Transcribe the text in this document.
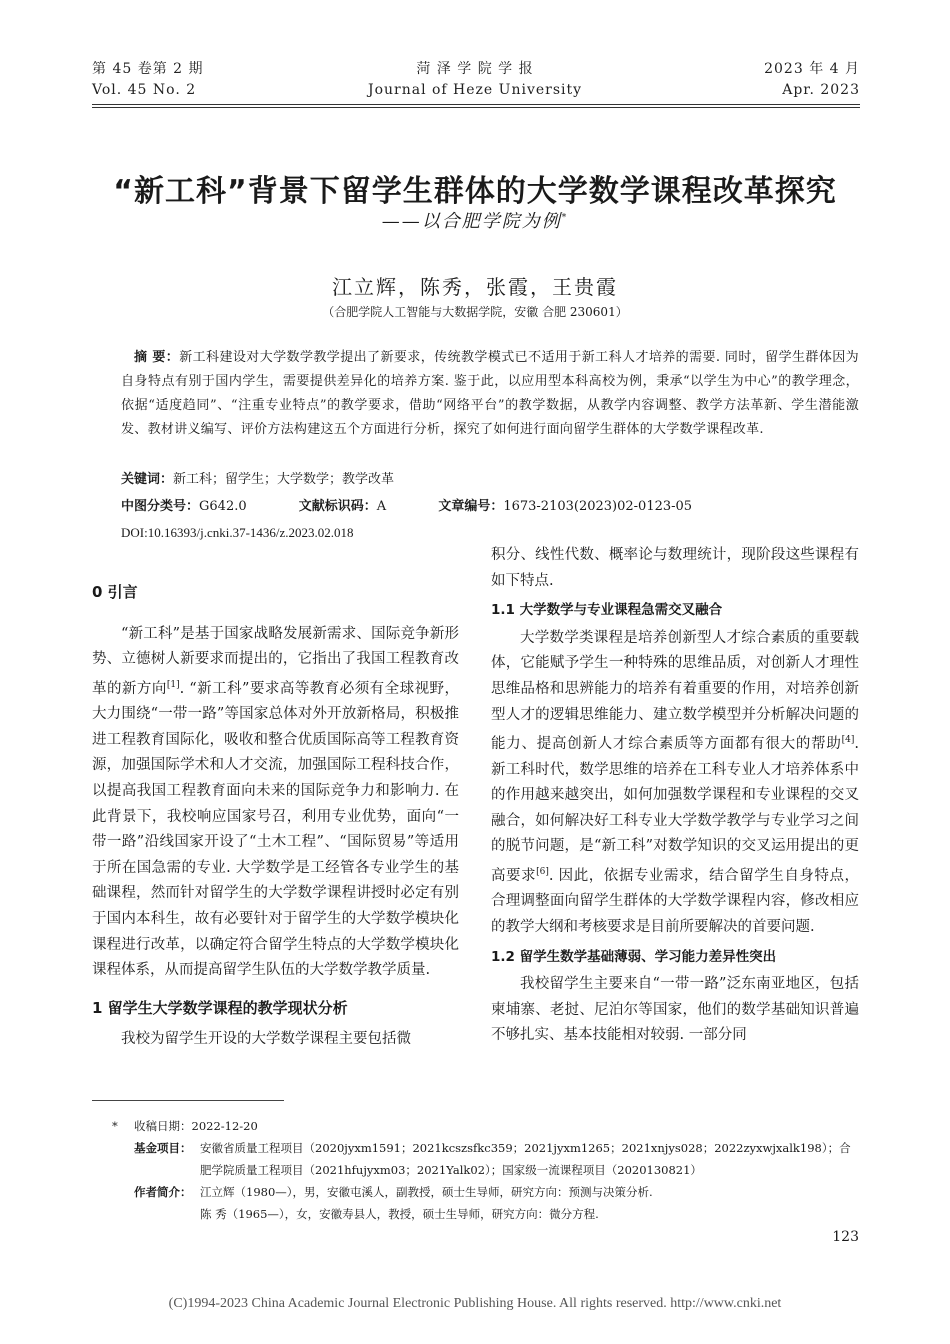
第 45 卷第 2 期
Vol. 45 No. 2
菏 泽 学 院 学 报
Journal of Heze University
2023 年 4 月
Apr. 2023
“新工科”背景下留学生群体的大学数学课程改革探究
——以合肥学院为例*
江立辉，陈秀，张霞，王贵霞
（合肥学院人工智能与大数据学院，安徽 合肥 230601）
摘 要：新工科建设对大学数学教学提出了新要求，传统教学模式已不适用于新工科人才培养的需要. 同时，留学生群体因为自身特点有别于国内学生，需要提供差异化的培养方案. 鉴于此，以应用型本科高校为例，秉承“以学生为中心”的教学理念，依据“适度趋同”、“注重专业特点”的教学要求，借助“网络平台”的教学数据，从教学内容调整、教学方法革新、学生潜能激发、教材讲义编写、评价方法构建这五个方面进行分析，探究了如何进行面向留学生群体的大学数学课程改革.
关键词：新工科；留学生；大学数学；教学改革
中图分类号：G642.0	文献标识码：A	文章编号：1673-2103(2023)02-0123-05
DOI:10.16393/j.cnki.37-1436/z.2023.02.018
0 引言

“新工科”是基于国家战略发展新需求、国际竞争新形势、立德树人新要求而提出的，它指出了我国工程教育改革的新方向[1]. “新工科”要求高等教育必须有全球视野，大力围绕“一带一路”等国家总体对外开放新格局，积极推进工程教育国际化，吸收和整合优质国际高等工程教育资源，加强国际学术和人才交流，加强国际工程科技合作，以提高我国工程教育面向未来的国际竞争力和影响力. 在此背景下，我校响应国家号召，利用专业优势，面向“一带一路”沿线国家开设了“土木工程”、“国际贸易”等适用于所在国急需的专业. 大学数学是工经管各专业学生的基础课程，然而针对留学生的大学数学课程讲授时必定有别于国内本科生，故有必要针对于留学生的大学数学模块化课程进行改革，以确定符合留学生特点的大学数学模块化课程体系，从而提高留学生队伍的大学数学教学质量.

1 留学生大学数学课程的教学现状分析

我校为留学生开设的大学数学课程主要包括微

积分、线性代数、概率论与数理统计，现阶段这些课程有如下特点.

1.1 大学数学与专业课程急需交叉融合

大学数学类课程是培养创新型人才综合素质的重要载体，它能赋予学生一种特殊的思维品质，对创新人才理性思维品格和思辨能力的培养有着重要的作用，对培养创新型人才的逻辑思维能力、建立数学模型并分析解决问题的能力、提高创新人才综合素质等方面都有很大的帮助[4]. 新工科时代，数学思维的培养在工科专业人才培养体系中的作用越来越突出，如何加强数学课程和专业课程的交叉融合，如何解决好工科专业大学数学教学与专业学习之间的脱节问题，是“新工科”对数学知识的交叉运用提出的更高要求[6]. 因此，依据专业需求，结合留学生自身特点，合理调整面向留学生群体的大学数学课程内容，修改相应的教学大纲和考核要求是目前所要解决的首要问题.

1.2 留学生数学基础薄弱、学习能力差异性突出

我校留学生主要来自“一带一路”泛东南亚地区，包括柬埔寨、老挝、尼泊尔等国家，他们的数学基础知识普遍不够扎实、基本技能相对较弱. 一部分同

* 收稿日期：2022-12-20
基金项目： 安徽省质量工程项目（2020jyxm1591；2021kcszsfkc359；2021jyxm1265；2021xnjys028；2022zyxwjxalk198）；合肥学院质量工程项目（2021hfujyxm03；2021Yalk02）；国家级一流课程项目（2020130821）
作者简介： 江立辉（1980—），男，安徽屯溪人，副教授，硕士生导师，研究方向：预测与决策分析.
陈 秀（1965—），女，安徽寿县人，教授，硕士生导师，研究方向：微分方程.
123
(C)1994-2023 China Academic Journal Electronic Publishing House. All rights reserved. http://www.cnki.net
